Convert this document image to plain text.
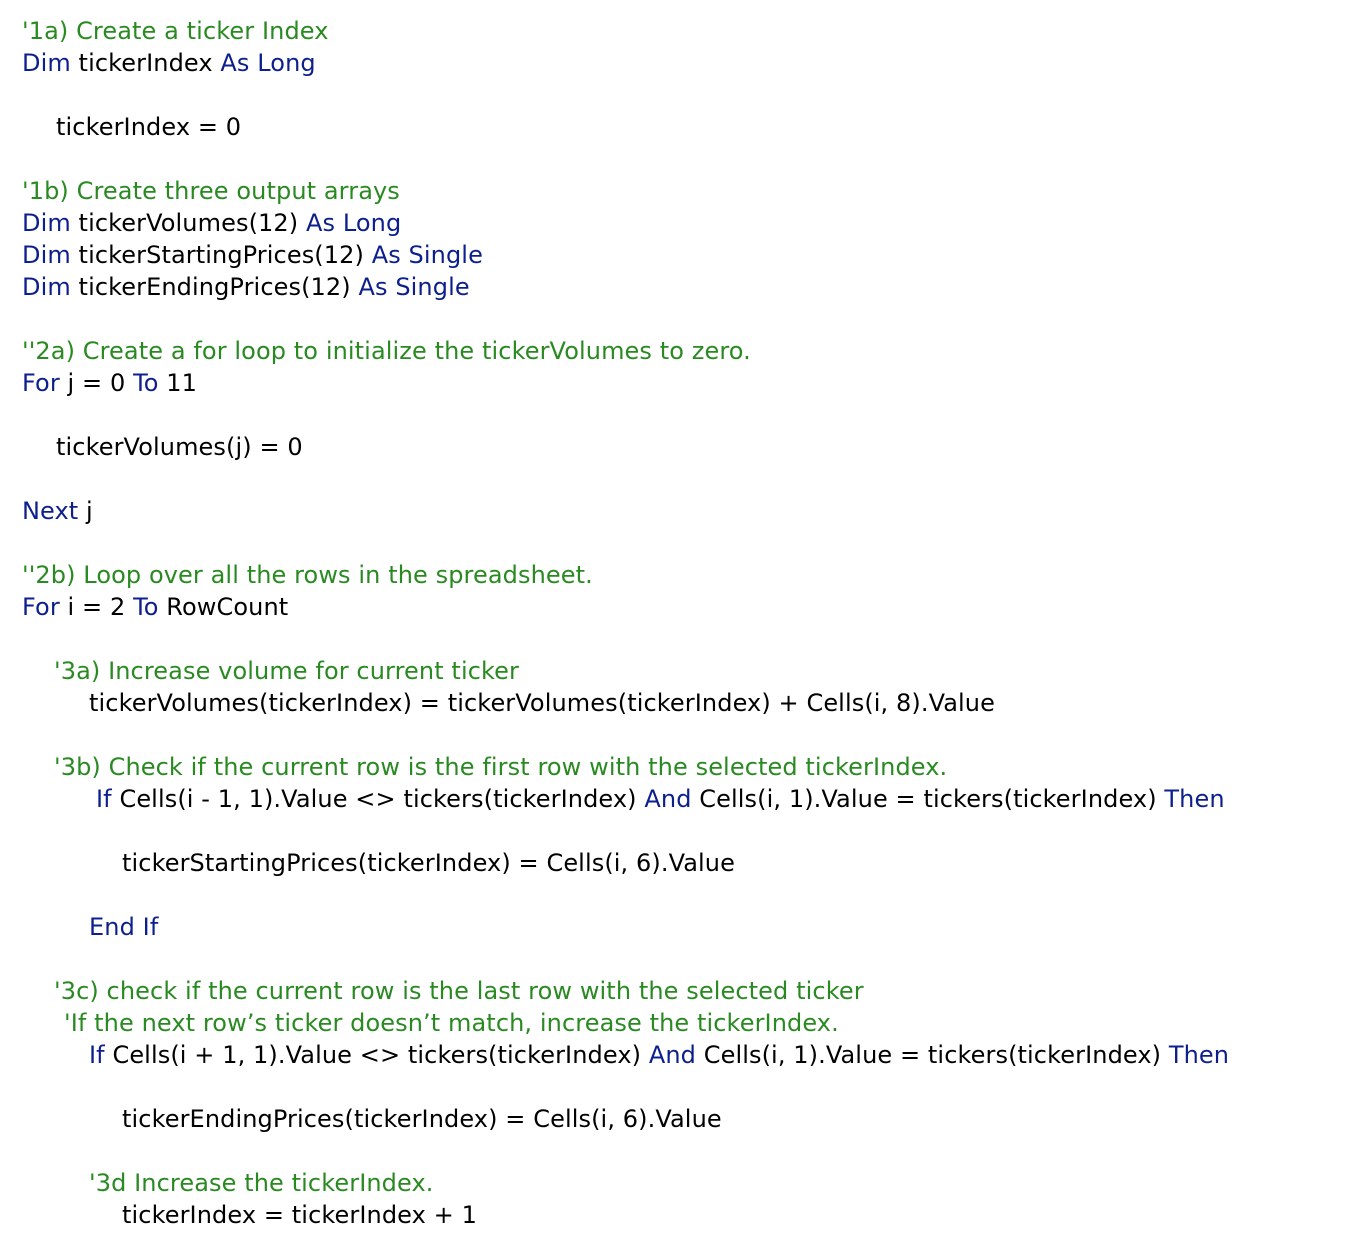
'1a) Create a ticker Index
Dim tickerIndex As Long
tickerIndex = 0
'1b) Create three output arrays
Dim tickerVolumes(12) As Long
Dim tickerStartingPrices(12) As Single
Dim tickerEndingPrices(12) As Single
''2a) Create a for loop to initialize the tickerVolumes to zero.
For j = 0 To 11
tickerVolumes(j) = 0
Next j
''2b) Loop over all the rows in the spreadsheet.
For i = 2 To RowCount
'3a) Increase volume for current ticker
tickerVolumes(tickerIndex) = tickerVolumes(tickerIndex) + Cells(i, 8).Value
'3b) Check if the current row is the first row with the selected tickerIndex.
If Cells(i - 1, 1).Value <> tickers(tickerIndex) And Cells(i, 1).Value = tickers(tickerIndex) Then
tickerStartingPrices(tickerIndex) = Cells(i, 6).Value
End If
'3c) check if the current row is the last row with the selected ticker
'If the next row’s ticker doesn’t match, increase the tickerIndex.
If Cells(i + 1, 1).Value <> tickers(tickerIndex) And Cells(i, 1).Value = tickers(tickerIndex) Then
tickerEndingPrices(tickerIndex) = Cells(i, 6).Value
'3d Increase the tickerIndex.
tickerIndex = tickerIndex + 1
